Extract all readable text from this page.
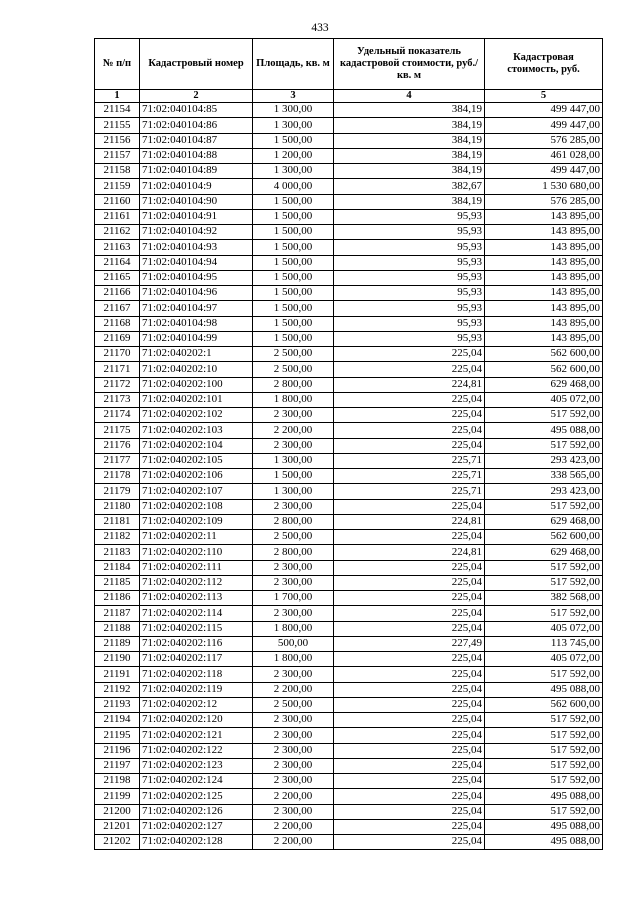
433
№ п/п	Кадастровый номер	Площадь, кв. м	Удельный показатель кадастровой стоимости, руб./кв. м	Кадастровая стоимость, руб.
1	2	3	4	5
21154	71:02:040104:85	1 300,00	384,19	499 447,00
21155	71:02:040104:86	1 300,00	384,19	499 447,00
21156	71:02:040104:87	1 500,00	384,19	576 285,00
21157	71:02:040104:88	1 200,00	384,19	461 028,00
21158	71:02:040104:89	1 300,00	384,19	499 447,00
21159	71:02:040104:9	4 000,00	382,67	1 530 680,00
21160	71:02:040104:90	1 500,00	384,19	576 285,00
21161	71:02:040104:91	1 500,00	95,93	143 895,00
21162	71:02:040104:92	1 500,00	95,93	143 895,00
21163	71:02:040104:93	1 500,00	95,93	143 895,00
21164	71:02:040104:94	1 500,00	95,93	143 895,00
21165	71:02:040104:95	1 500,00	95,93	143 895,00
21166	71:02:040104:96	1 500,00	95,93	143 895,00
21167	71:02:040104:97	1 500,00	95,93	143 895,00
21168	71:02:040104:98	1 500,00	95,93	143 895,00
21169	71:02:040104:99	1 500,00	95,93	143 895,00
21170	71:02:040202:1	2 500,00	225,04	562 600,00
21171	71:02:040202:10	2 500,00	225,04	562 600,00
21172	71:02:040202:100	2 800,00	224,81	629 468,00
21173	71:02:040202:101	1 800,00	225,04	405 072,00
21174	71:02:040202:102	2 300,00	225,04	517 592,00
21175	71:02:040202:103	2 200,00	225,04	495 088,00
21176	71:02:040202:104	2 300,00	225,04	517 592,00
21177	71:02:040202:105	1 300,00	225,71	293 423,00
21178	71:02:040202:106	1 500,00	225,71	338 565,00
21179	71:02:040202:107	1 300,00	225,71	293 423,00
21180	71:02:040202:108	2 300,00	225,04	517 592,00
21181	71:02:040202:109	2 800,00	224,81	629 468,00
21182	71:02:040202:11	2 500,00	225,04	562 600,00
21183	71:02:040202:110	2 800,00	224,81	629 468,00
21184	71:02:040202:111	2 300,00	225,04	517 592,00
21185	71:02:040202:112	2 300,00	225,04	517 592,00
21186	71:02:040202:113	1 700,00	225,04	382 568,00
21187	71:02:040202:114	2 300,00	225,04	517 592,00
21188	71:02:040202:115	1 800,00	225,04	405 072,00
21189	71:02:040202:116	500,00	227,49	113 745,00
21190	71:02:040202:117	1 800,00	225,04	405 072,00
21191	71:02:040202:118	2 300,00	225,04	517 592,00
21192	71:02:040202:119	2 200,00	225,04	495 088,00
21193	71:02:040202:12	2 500,00	225,04	562 600,00
21194	71:02:040202:120	2 300,00	225,04	517 592,00
21195	71:02:040202:121	2 300,00	225,04	517 592,00
21196	71:02:040202:122	2 300,00	225,04	517 592,00
21197	71:02:040202:123	2 300,00	225,04	517 592,00
21198	71:02:040202:124	2 300,00	225,04	517 592,00
21199	71:02:040202:125	2 200,00	225,04	495 088,00
21200	71:02:040202:126	2 300,00	225,04	517 592,00
21201	71:02:040202:127	2 200,00	225,04	495 088,00
21202	71:02:040202:128	2 200,00	225,04	495 088,00
